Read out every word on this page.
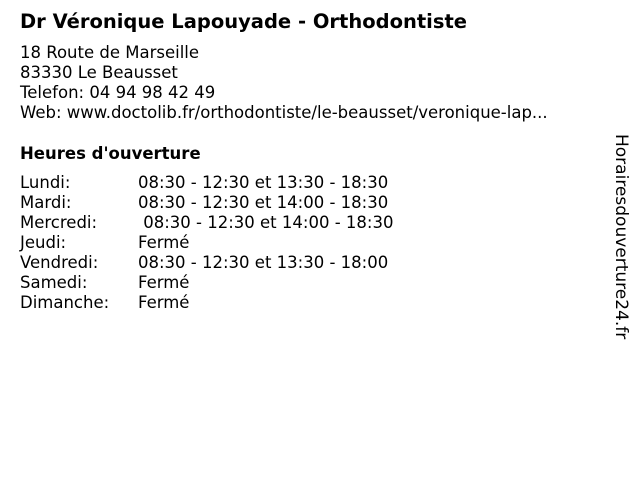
Dr Véronique Lapouyade - Orthodontiste
18 Route de Marseille
83330 Le Beausset
Telefon: 04 94 98 42 49
Web: www.doctolib.fr/orthodontiste/le-beausset/veronique-lap...
Heures d'ouverture
Lundi:	08:30 - 12:30 et 13:30 - 18:30
Mardi:	08:30 - 12:30 et 14:00 - 18:30
Mercredi: 08:30 - 12:30 et 14:00 - 18:30
Jeudi:	Fermé
Vendredi: 08:30 - 12:30 et 13:30 - 18:00
Samedi:	Fermé
Dimanche: Fermé	Horairesdouverture24.fr
